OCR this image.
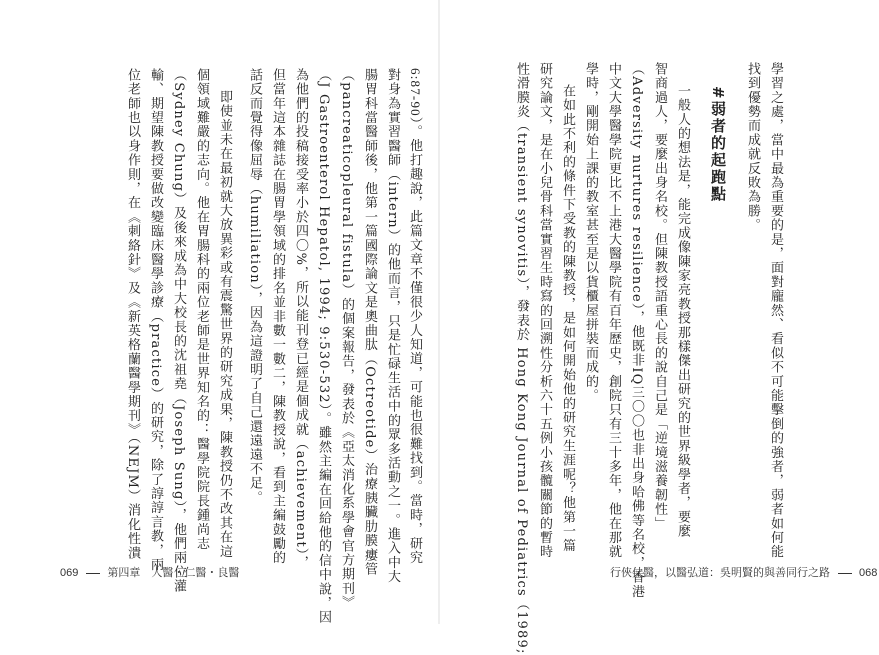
6:87-90）。他打趣說，此篇文章不僅很少人知道，可能也很難找到。當時，研究
對身為實習醫師（intern）的他而言，只是忙碌生活中的眾多活動之一。進入中大
腸胃科當醫師後，他第一篇國際論文是奧曲肽（Octreotide）治療胰臟肋膜瘻管
（pancreaticopleural fistula）的個案報告，發表於《亞太消化系學會官方期刊》
（J Gastroenterol Hepatol, 1994; 9:530-532）。雖然主編在回給他的信中說，因
為他們的投稿接受率小於四〇%，所以能刊登已經是個成就（achievement），
但當年這本雜誌在腸胃學領域的排名並非數一數二，陳教授說，看到主編鼓勵的
話反而覺得像屈辱（humiliation），因為這證明了自己還遠遠不足。
即使並未在最初就大放異彩或有震驚世界的研究成果，陳教授仍不改其在這
個領域難嚴的志向。他在胃腸科的兩位老師是世界知名的：醫學院院長鍾尚志
（Sydney Chung）及後來成為中大校長的沈祖堯（Joseph Sung），他們兩位灌
輸、期望陳教授要做改變臨床醫學診療（practice）的研究，除了諄諄言教，兩
位老師也以身作則，在《刺絡針》及《新英格蘭醫學期刊》（NEJM）消化性潰
069	第四章　人醫・仁醫・良醫
學習之處，當中最為重要的是，面對龐然、看似不可能擊倒的強者，弱者如何能
找到優勢而成就反敗為勝。
#弱者的起跑點
一般人的想法是，能完成像陳家亮教授那樣傑出研究的世界級學者，要麼
智商過人，要麼出身名校。但陳教授語重心長的說自己是「逆境滋養韌性」
（Adversity nurtures resilience），他既非IQ三〇〇也非出身哈佛等名校，香港
中文大學醫學院更比不上港大醫學院有百年歷史，創院只有三十多年，他在那就
學時，剛開始上課的教室甚至是以貨櫃屋拼裝而成的。
在如此不利的條件下受教的陳教授，是如何開始他的研究生涯呢？他第一篇
研究論文，是在小兒骨科當實習生時寫的回溯性分析六十五例小孩髖關節的暫時
性滑膜炎（transient synovitis），發表於 Hong Kong Journal of Pediatrics（1989;	行俠仗醫，以醫弘道：吳明賢的與善同行之路	068
